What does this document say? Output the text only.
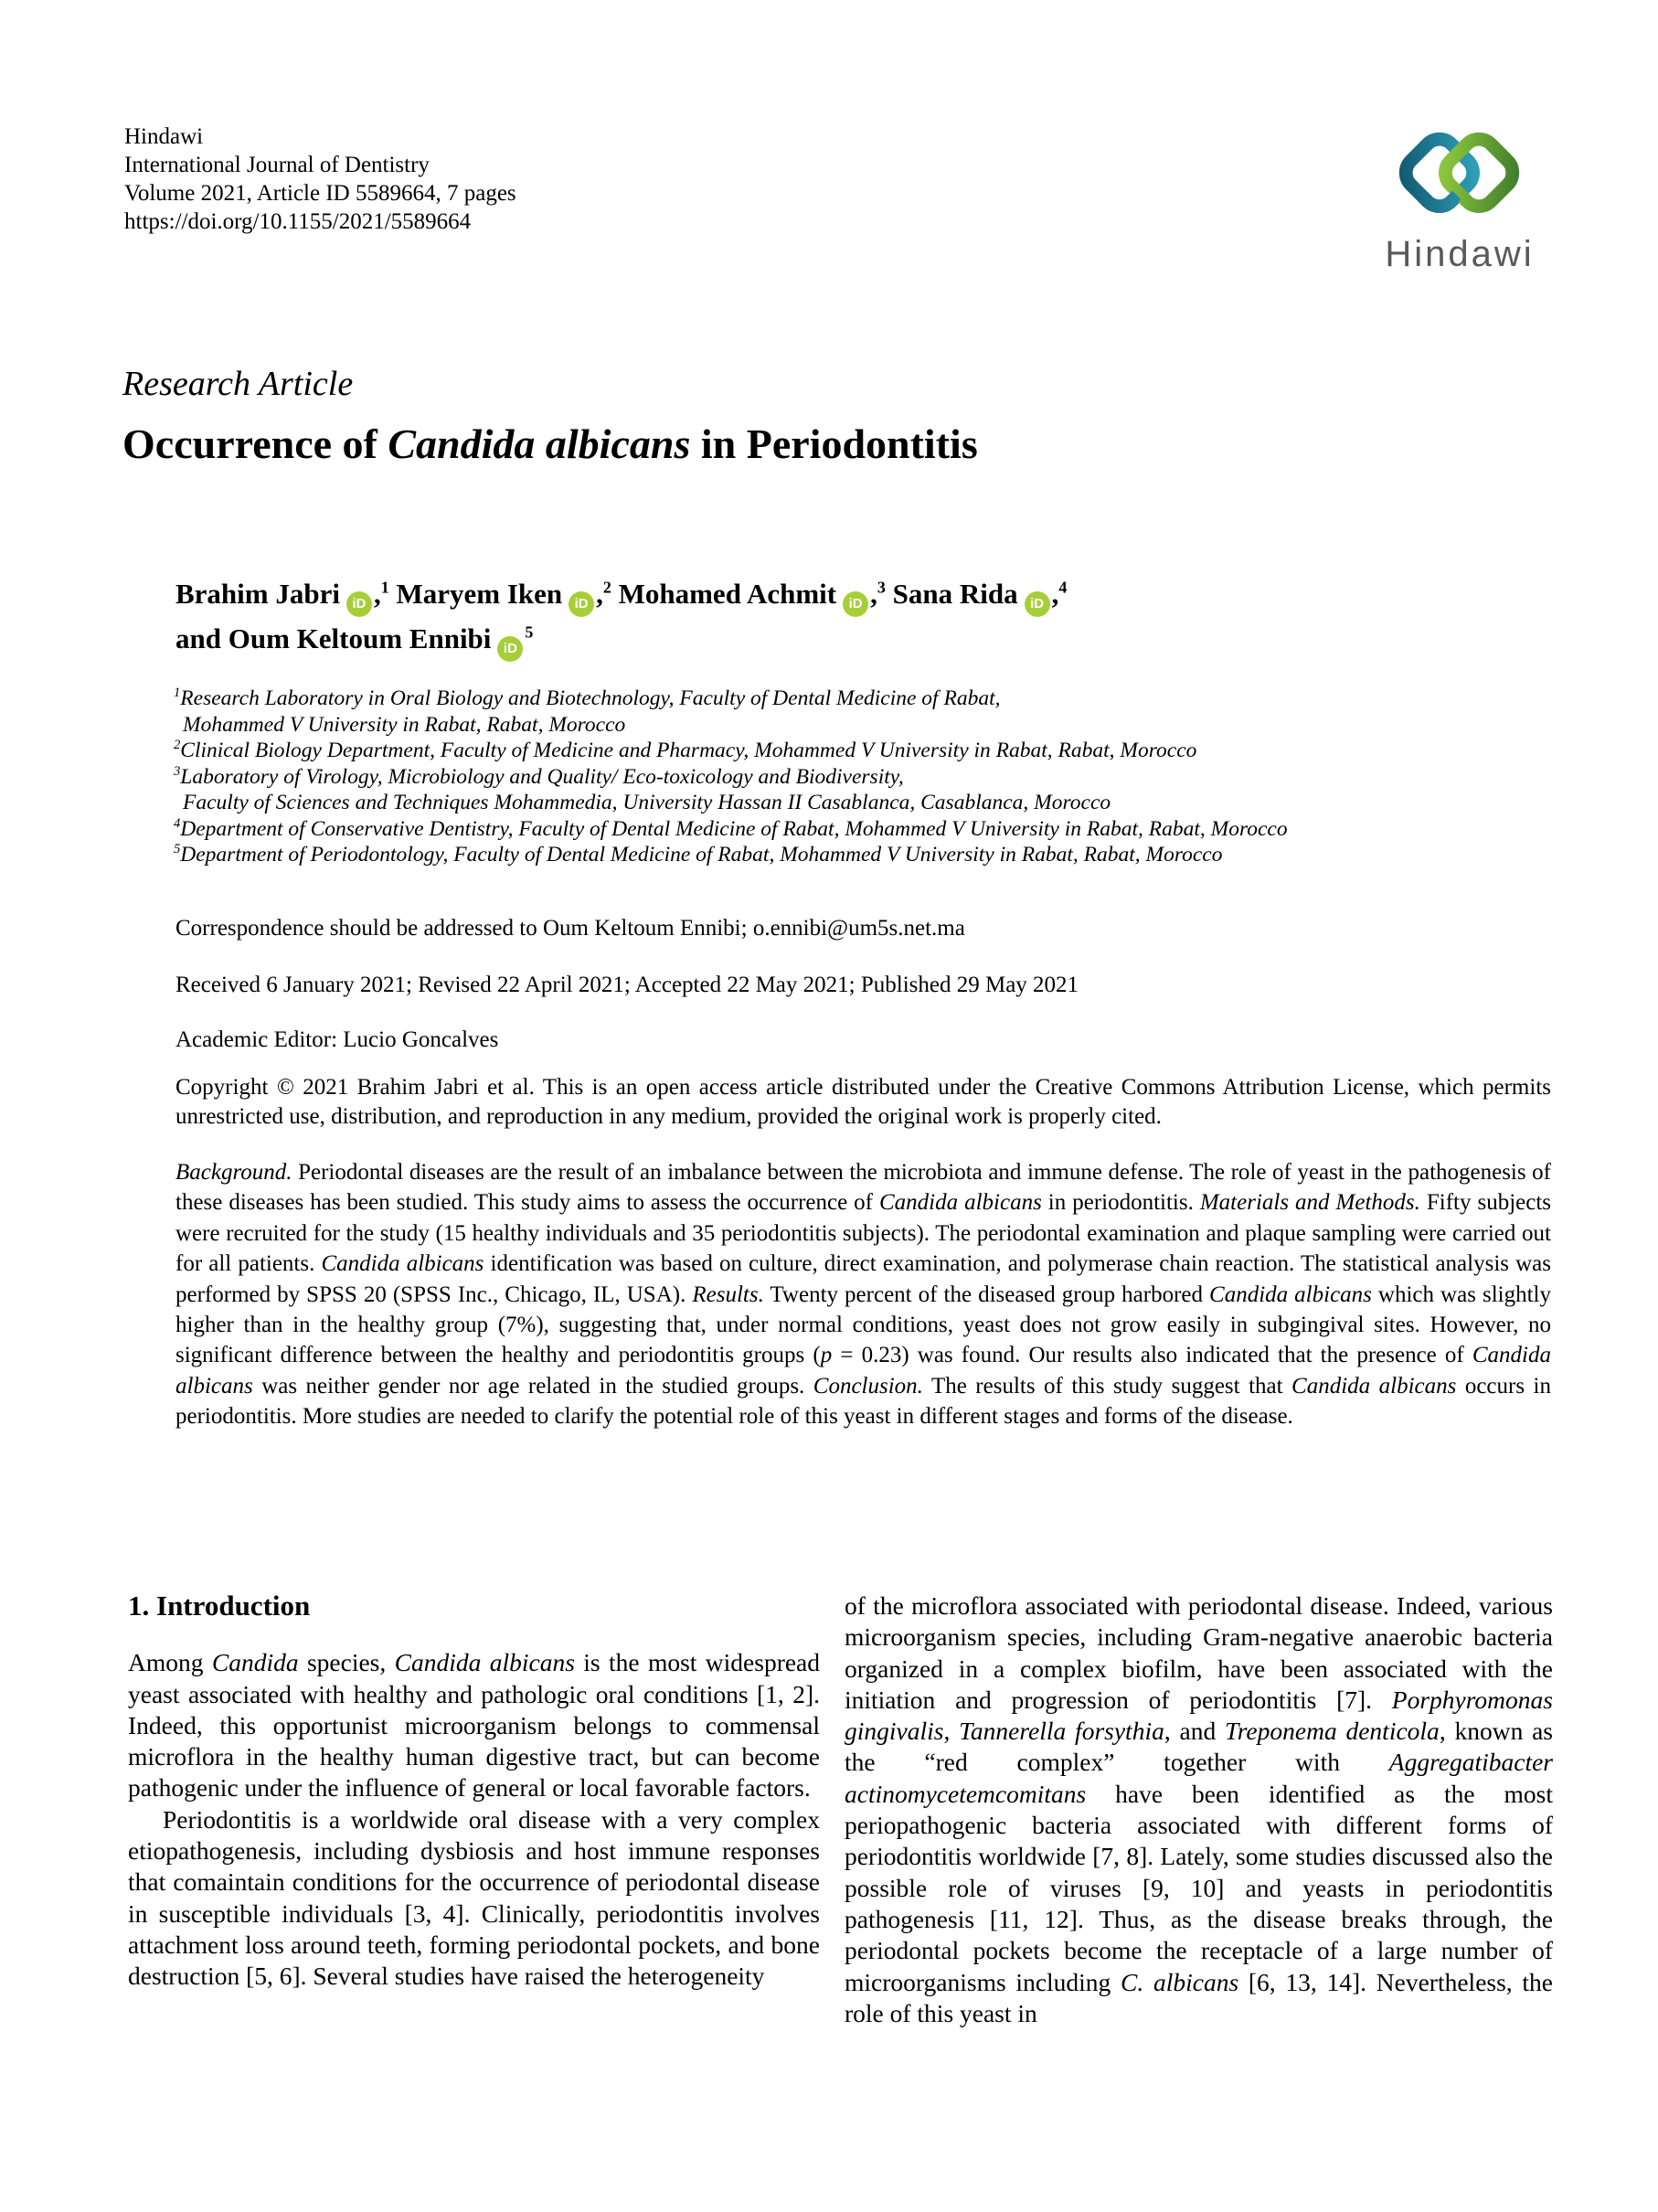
Hindawi
International Journal of Dentistry
Volume 2021, Article ID 5589664, 7 pages
https://doi.org/10.1155/2021/5589664
Hindawi
Research Article
Occurrence of Candida albicans in Periodontitis
Brahim Jabri iD ,$^1$ Maryem Iken iD ,$^2$ Mohamed Achmit iD ,$^3$ Sana Rida iD ,$^4$
and Oum Keltoum Ennibi $iD^5$
$^1$Research Laboratory in Oral Biology and Biotechnology, Faculty of Dental Medicine of Rabat,
Mohammed V University in Rabat, Rabat, Morocco
$^2$Clinical Biology Department, Faculty of Medicine and Pharmacy, Mohammed V University in Rabat, Rabat, Morocco
$^3$Laboratory of Virology, Microbiology and Quality/ Eco-toxicology and Biodiversity,
Faculty of Sciences and Techniques Mohammedia, University Hassan II Casablanca, Casablanca, Morocco
$^4$Department of Conservative Dentistry, Faculty of Dental Medicine of Rabat, Mohammed V University in Rabat, Rabat, Morocco
$^5$Department of Periodontology, Faculty of Dental Medicine of Rabat, Mohammed V University in Rabat, Rabat, Morocco
Correspondence should be addressed to Oum Keltoum Ennibi; o.ennibi@um5s.net.ma
Received 6 January 2021; Revised 22 April 2021; Accepted 22 May 2021; Published 29 May 2021
Academic Editor: Lucio Goncalves
Copyright © 2021 Brahim Jabri et al. This is an open access article distributed under the Creative Commons Attribution License, which permits unrestricted use, distribution, and reproduction in any medium, provided the original work is properly cited.
Background. Periodontal diseases are the result of an imbalance between the microbiota and immune defense. The role of yeast in the pathogenesis of these diseases has been studied. This study aims to assess the occurrence of Candida albicans in periodontitis. Materials and Methods. Fifty subjects were recruited for the study (15 healthy individuals and 35 periodontitis subjects). The periodontal examination and plaque sampling were carried out for all patients. Candida albicans identification was based on culture, direct examination, and polymerase chain reaction. The statistical analysis was performed by SPSS 20 (SPSS Inc., Chicago, IL, USA). Results. Twenty percent of the diseased group harbored Candida albicans which was slightly higher than in the healthy group (7%), suggesting that, under normal conditions, yeast does not grow easily in subgingival sites. However, no significant difference between the healthy and periodontitis groups (p = 0.23) was found. Our results also indicated that the presence of Candida albicans was neither gender nor age related in the studied groups. Conclusion. The results of this study suggest that Candida albicans occurs in periodontitis. More studies are needed to clarify the potential role of this yeast in different stages and forms of the disease.
1. Introduction

Among Candida species, Candida albicans is the most widespread yeast associated with healthy and pathologic oral conditions [1, 2]. Indeed, this opportunist microorganism belongs to commensal microflora in the healthy human digestive tract, but can become pathogenic under the influence of general or local favorable factors.

Periodontitis is a worldwide oral disease with a very complex etiopathogenesis, including dysbiosis and host immune responses that comaintain conditions for the occurrence of periodontal disease in susceptible individuals [3, 4]. Clinically, periodontitis involves attachment loss around teeth, forming periodontal pockets, and bone destruction [5, 6]. Several studies have raised the heterogeneity

of the microflora associated with periodontal disease. Indeed, various microorganism species, including Gram-negative anaerobic bacteria organized in a complex biofilm, have been associated with the initiation and progression of periodontitis [7]. Porphyromonas gingivalis, Tannerella forsythia, and Treponema denticola, known as the “red complex” together with Aggregatibacter actinomycetemcomitans have been identified as the most periopathogenic bacteria associated with different forms of periodontitis worldwide [7, 8]. Lately, some studies discussed also the possible role of viruses [9, 10] and yeasts in periodontitis pathogenesis [11, 12]. Thus, as the disease breaks through, the periodontal pockets become the receptacle of a large number of microorganisms including C. albicans [6, 13, 14]. Nevertheless, the role of this yeast in
